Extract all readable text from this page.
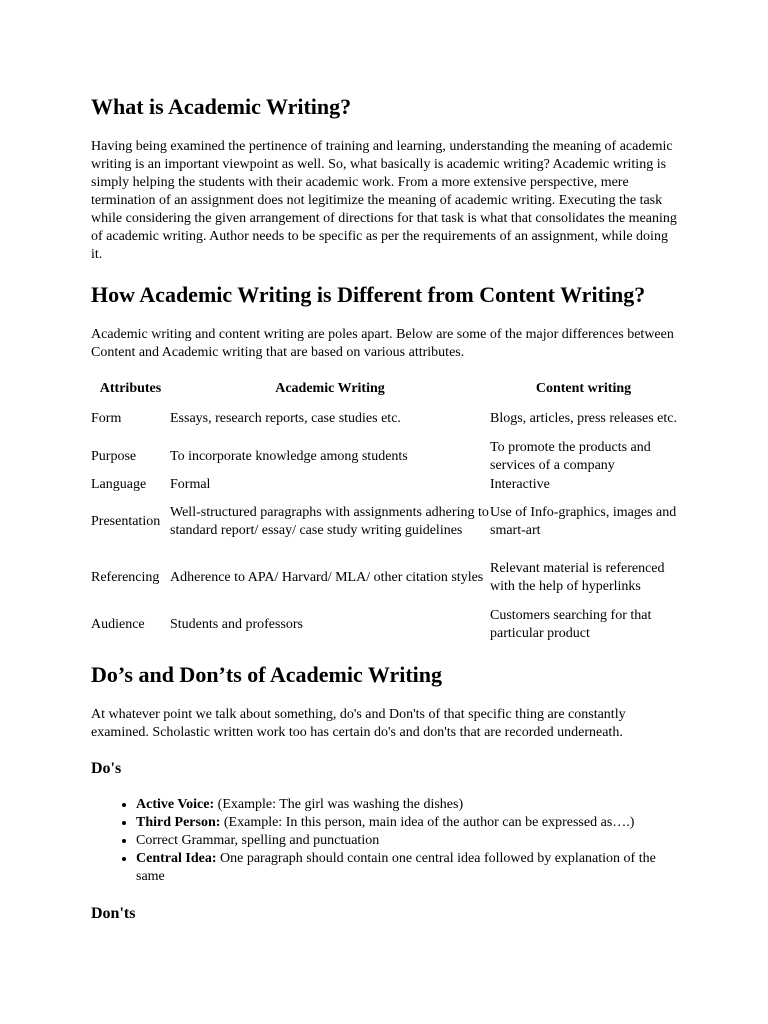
What is Academic Writing?

Having being examined the pertinence of training and learning, understanding the meaning of academic writing is an important viewpoint as well. So, what basically is academic writing? Academic writing is simply helping the students with their academic work. From a more extensive perspective, mere termination of an assignment does not legitimize the meaning of academic writing. Executing the task while considering the given arrangement of directions for that task is what that consolidates the meaning of academic writing. Author needs to be specific as per the requirements of an assignment, while doing it.

How Academic Writing is Different from Content Writing?

Academic writing and content writing are poles apart. Below are some of the major differences between Content and Academic writing that are based on various attributes.

Attributes	Academic Writing	Content writing
Form	Essays, research reports, case studies etc.	Blogs, articles, press releases etc.
Purpose	To incorporate knowledge among students	To promote the products and services of a company
Language	Formal	Interactive
Presentation	Well-structured paragraphs with assignments adhering to standard report/ essay/ case study writing guidelines	Use of Info-graphics, images and smart-art
Referencing	Adherence to APA/ Harvard/ MLA/ other citation styles	Relevant material is referenced with the help of hyperlinks
Audience	Students and professors	Customers searching for that particular product
Do’s and Don’ts of Academic Writing

At whatever point we talk about something, do's and Don'ts of that specific thing are constantly examined. Scholastic written work too has certain do's and don'ts that are recorded underneath.

Do's
• Active Voice: (Example: The girl was washing the dishes)
• Third Person: (Example: In this person, main idea of the author can be expressed as….)
• Correct Grammar, spelling and punctuation
• Central Idea: One paragraph should contain one central idea followed by explanation of the same
Don'ts
